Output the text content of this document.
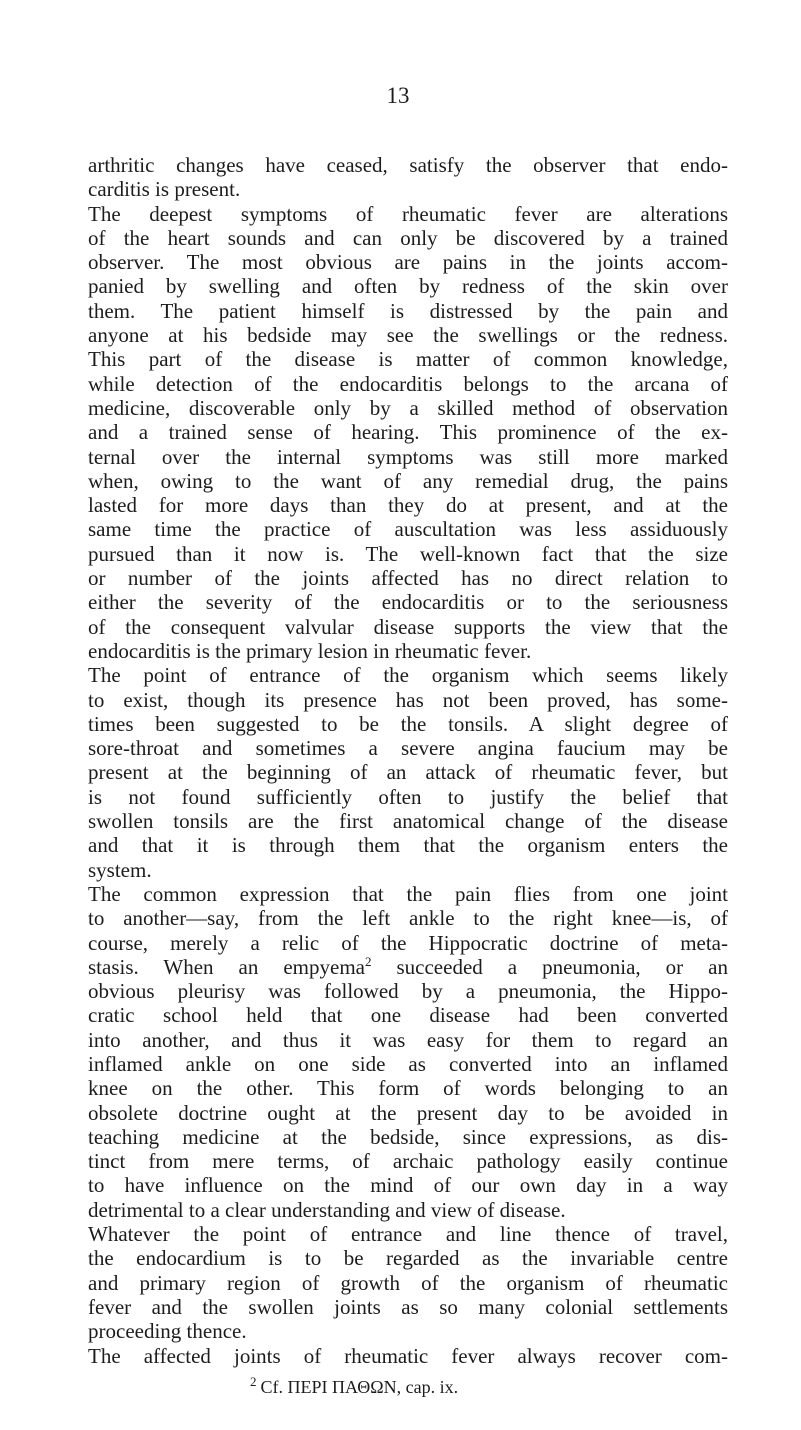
13
arthritic changes have ceased, satisfy the observer that endo-
carditis is present.
The deepest symptoms of rheumatic fever are alterations
of the heart sounds and can only be discovered by a trained
observer. The most obvious are pains in the joints accom-
panied by swelling and often by redness of the skin over
them. The patient himself is distressed by the pain and
anyone at his bedside may see the swellings or the redness.
This part of the disease is matter of common knowledge,
while detection of the endocarditis belongs to the arcana of
medicine, discoverable only by a skilled method of observation
and a trained sense of hearing. This prominence of the ex-
ternal over the internal symptoms was still more marked
when, owing to the want of any remedial drug, the pains
lasted for more days than they do at present, and at the
same time the practice of auscultation was less assiduously
pursued than it now is. The well-known fact that the size
or number of the joints affected has no direct relation to
either the severity of the endocarditis or to the seriousness
of the consequent valvular disease supports the view that the
endocarditis is the primary lesion in rheumatic fever.
The point of entrance of the organism which seems likely
to exist, though its presence has not been proved, has some-
times been suggested to be the tonsils. A slight degree of
sore-throat and sometimes a severe angina faucium may be
present at the beginning of an attack of rheumatic fever, but
is not found sufficiently often to justify the belief that
swollen tonsils are the first anatomical change of the disease
and that it is through them that the organism enters the
system.
The common expression that the pain flies from one joint
to another—say, from the left ankle to the right knee—is, of
course, merely a relic of the Hippocratic doctrine of meta-
stasis. When an empyema$^2$ succeeded a pneumonia, or an
obvious pleurisy was followed by a pneumonia, the Hippo-
cratic school held that one disease had been converted
into another, and thus it was easy for them to regard an
inflamed ankle on one side as converted into an inflamed
knee on the other. This form of words belonging to an
obsolete doctrine ought at the present day to be avoided in
teaching medicine at the bedside, since expressions, as dis-
tinct from mere terms, of archaic pathology easily continue
to have influence on the mind of our own day in a way
detrimental to a clear understanding and view of disease.
Whatever the point of entrance and line thence of travel,
the endocardium is to be regarded as the invariable centre
and primary region of growth of the organism of rheumatic
fever and the swollen joints as so many colonial settlements
proceeding thence.
The affected joints of rheumatic fever always recover com-
$^2$ Cf. ΠΕΡΙ ΠΑΘΩΝ, cap. ix.
